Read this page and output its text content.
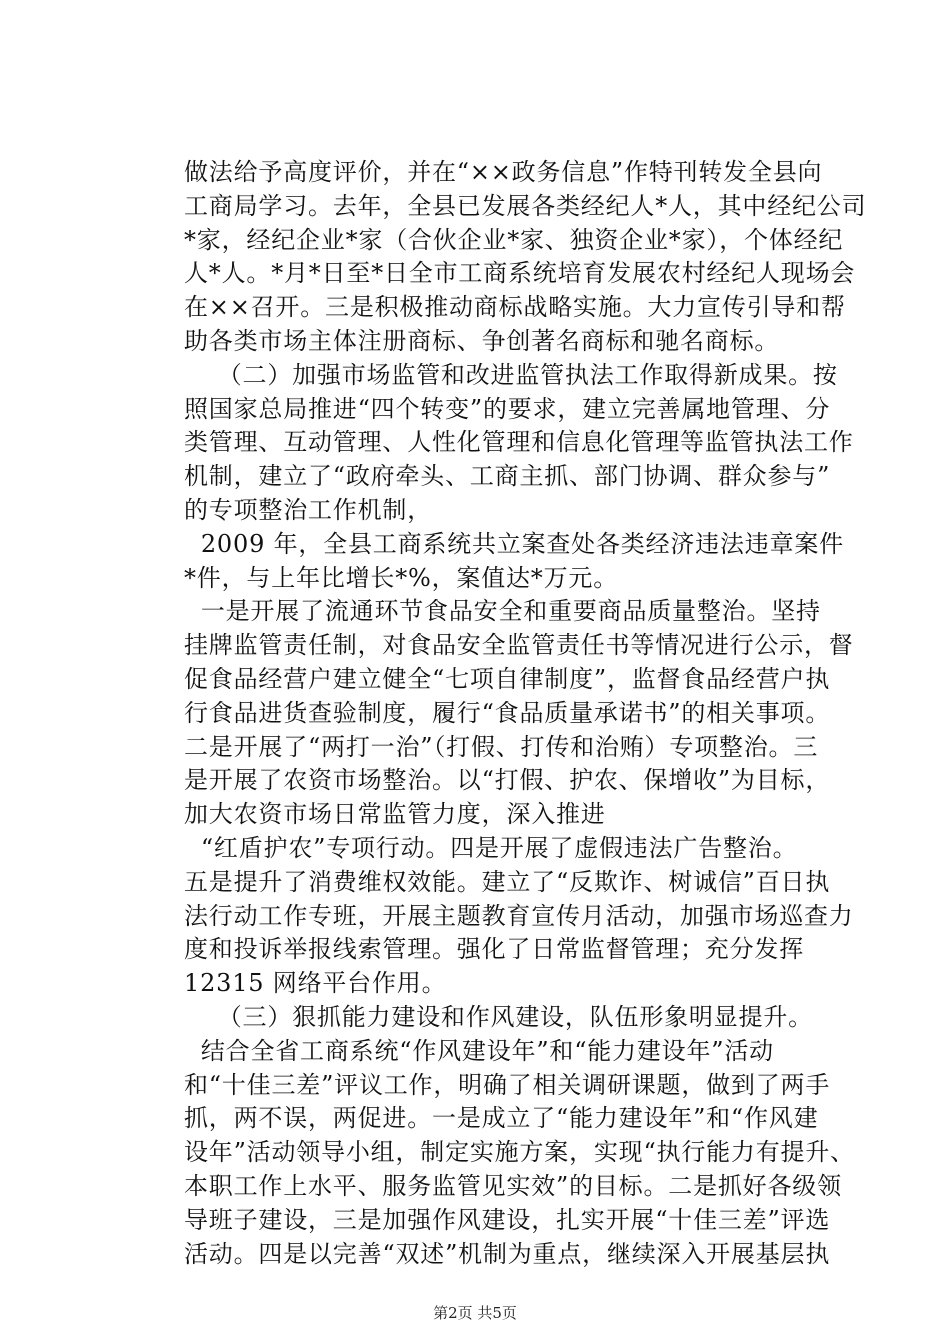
做法给予高度评价，并在“××政务信息”作特刊转发全县向
工商局学习。去年，全县已发展各类经纪人*人，其中经纪公司
*家，经纪企业*家（合伙企业*家、独资企业*家），个体经纪
人*人。*月*日至*日全市工商系统培育发展农村经纪人现场会
在××召开。三是积极推动商标战略实施。大力宣传引导和帮
助各类市场主体注册商标、争创著名商标和驰名商标。
（二）加强市场监管和改进监管执法工作取得新成果。按
照国家总局推进“四个转变”的要求，建立完善属地管理、分
类管理、互动管理、人性化管理和信息化管理等监管执法工作
机制，建立了“政府牵头、工商主抓、部门协调、群众参与”
的专项整治工作机制，
2009 年，全县工商系统共立案查处各类经济违法违章案件
*件，与上年比增长*%，案值达*万元。
一是开展了流通环节食品安全和重要商品质量整治。坚持
挂牌监管责任制，对食品安全监管责任书等情况进行公示，督
促食品经营户建立健全“七项自律制度”，监督食品经营户执
行食品进货查验制度，履行“食品质量承诺书”的相关事项。
二是开展了“两打一治”（打假、打传和治贿）专项整治。三
是开展了农资市场整治。以“打假、护农、保增收”为目标，
加大农资市场日常监管力度，深入推进
“红盾护农”专项行动。四是开展了虚假违法广告整治。
五是提升了消费维权效能。建立了“反欺诈、树诚信”百日执
法行动工作专班，开展主题教育宣传月活动，加强市场巡查力
度和投诉举报线索管理。强化了日常监督管理；充分发挥
12315 网络平台作用。
（三）狠抓能力建设和作风建设，队伍形象明显提升。
结合全省工商系统“作风建设年”和“能力建设年”活动
和“十佳三差”评议工作，明确了相关调研课题，做到了两手
抓，两不误，两促进。一是成立了“能力建设年”和“作风建
设年”活动领导小组，制定实施方案，实现“执行能力有提升、
本职工作上水平、服务监管见实效”的目标。二是抓好各级领
导班子建设，三是加强作风建设，扎实开展“十佳三差”评选
活动。四是以完善“双述”机制为重点，继续深入开展基层执
第2页 共5页
